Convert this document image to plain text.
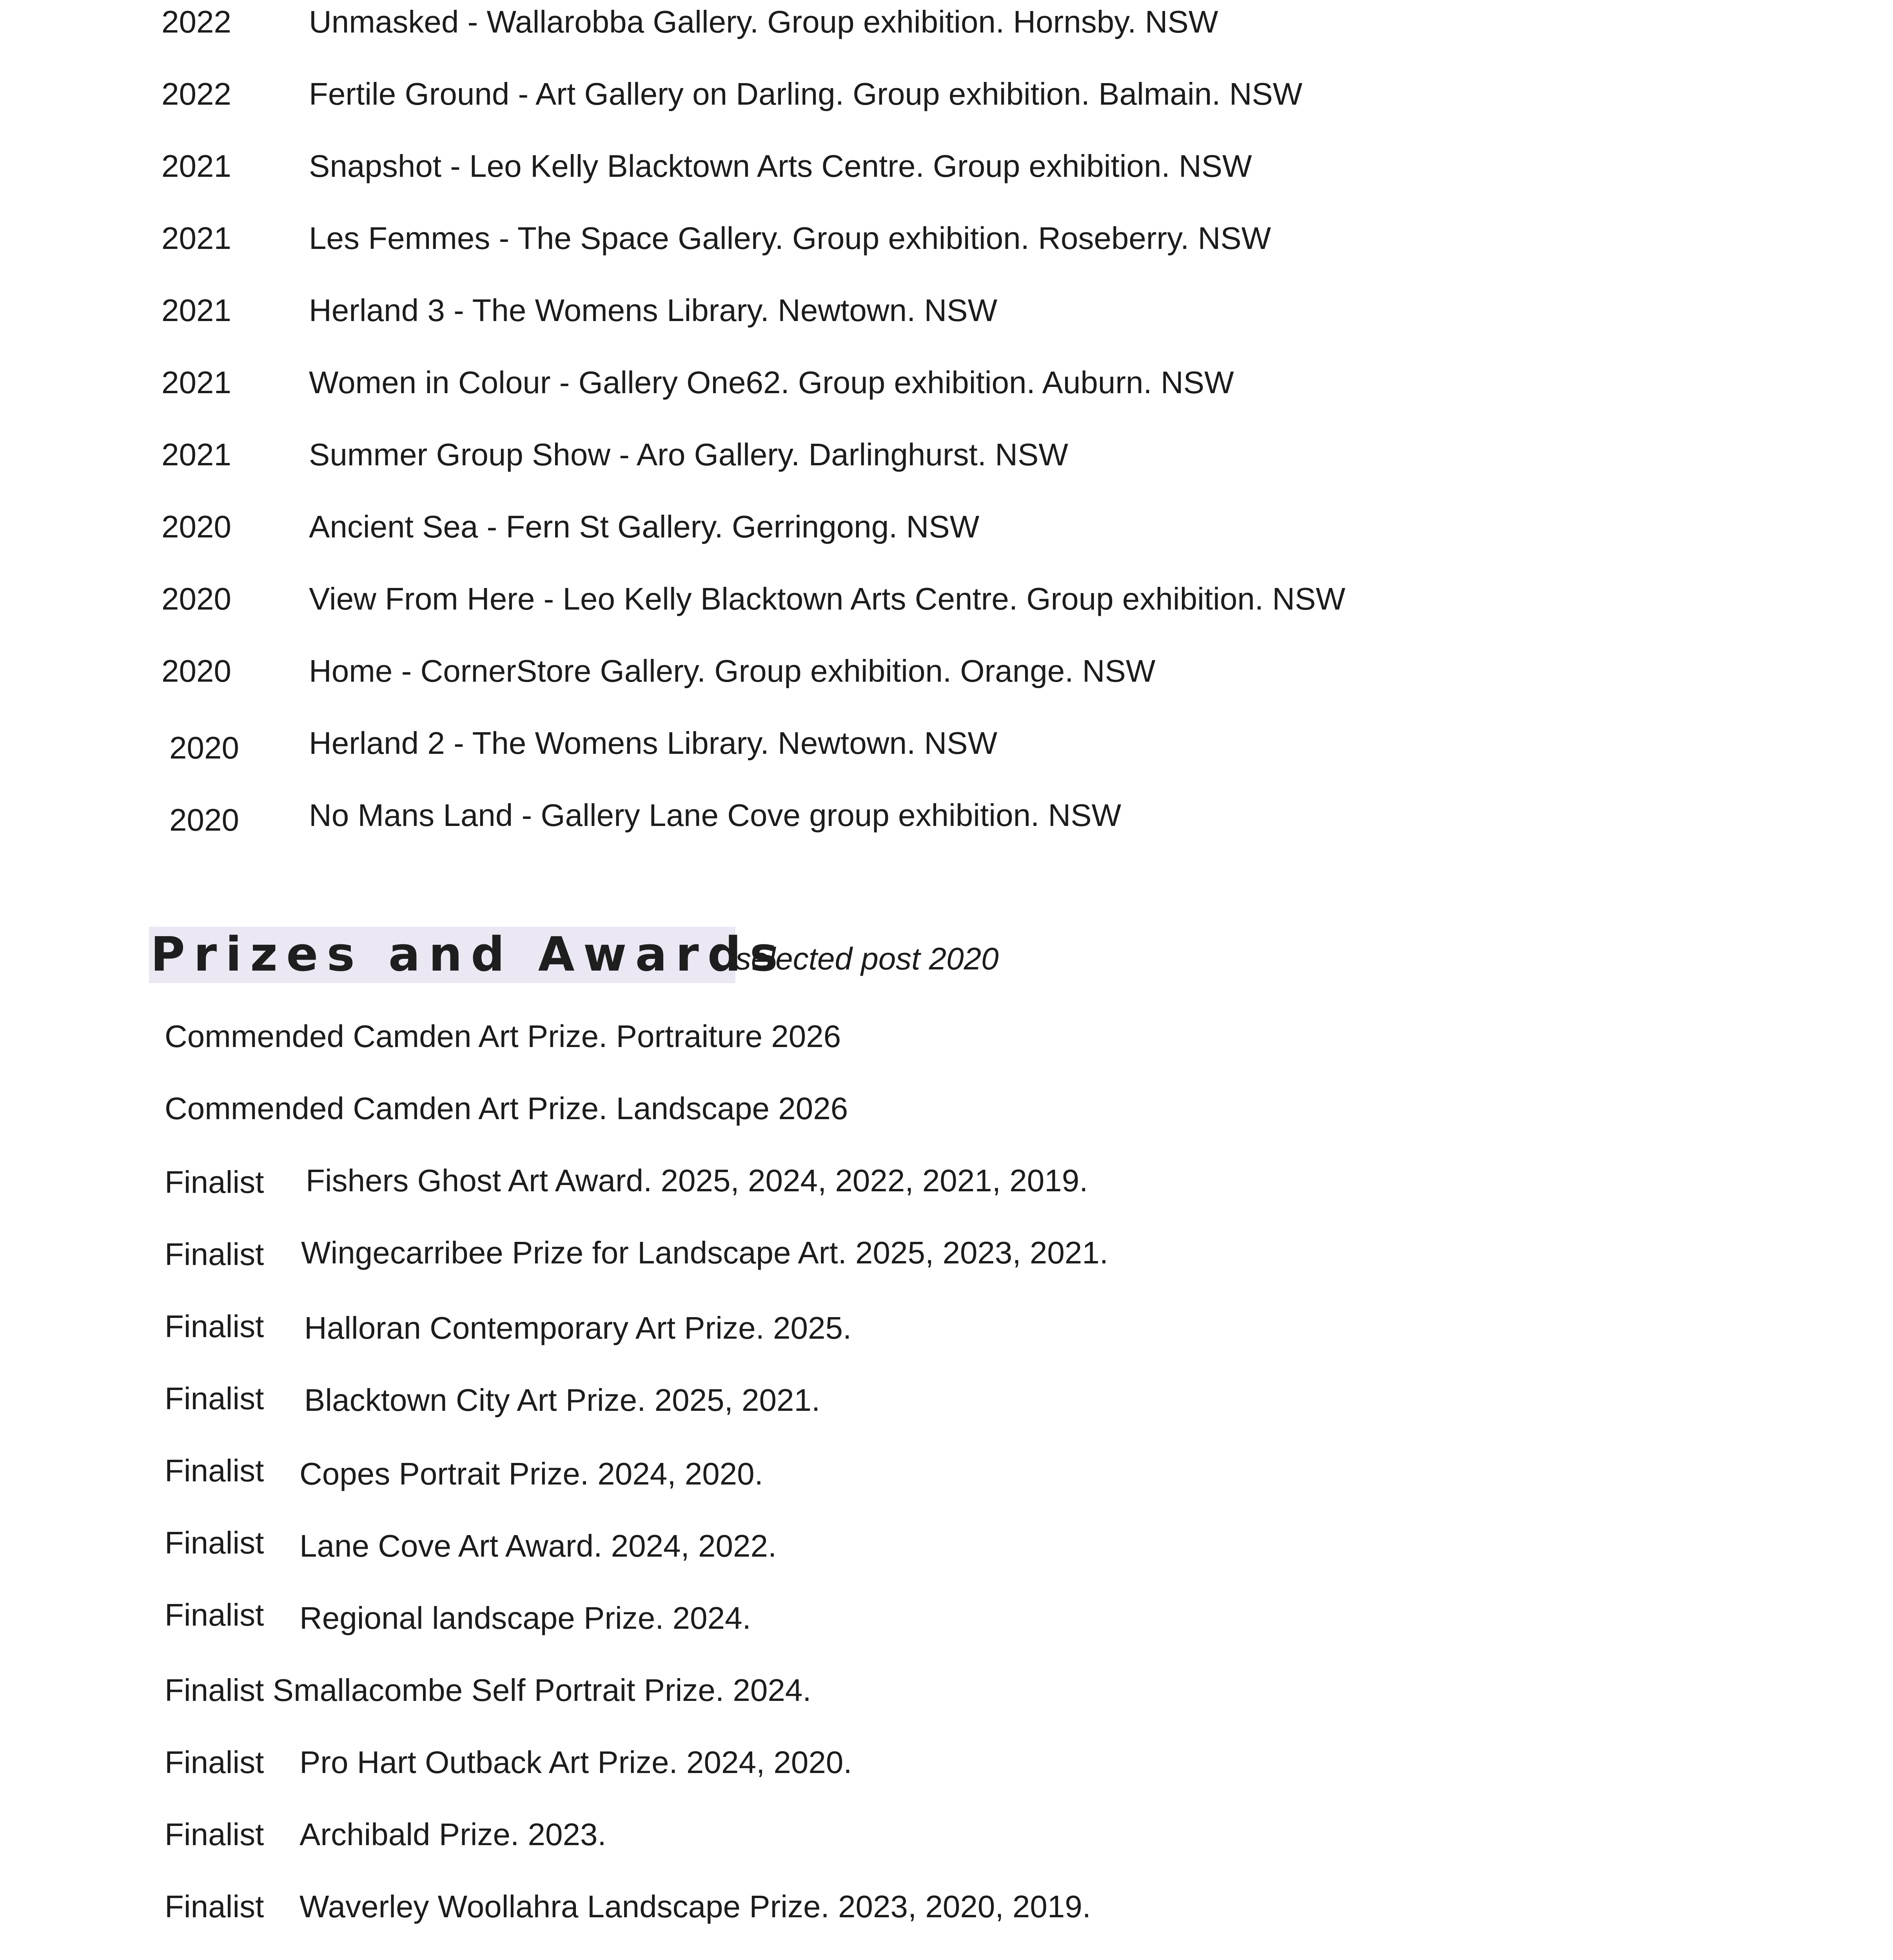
2022 Unmasked - Wallarobba Gallery. Group exhibition. Hornsby. NSW
2022 Fertile Ground - Art Gallery on Darling. Group exhibition. Balmain. NSW
2021 Snapshot - Leo Kelly Blacktown Arts Centre. Group exhibition. NSW
2021 Les Femmes - The Space Gallery. Group exhibition. Roseberry. NSW
2021 Herland 3 - The Womens Library. Newtown. NSW
2021 Women in Colour - Gallery One62. Group exhibition. Auburn. NSW
2021 Summer Group Show - Aro Gallery. Darlinghurst. NSW
2020 Ancient Sea - Fern St Gallery. Gerringong. NSW
2020 View From Here - Leo Kelly Blacktown Arts Centre. Group exhibition. NSW
2020 Home - CornerStore Gallery. Group exhibition. Orange. NSW
2020 Herland 2 - The Womens Library. Newtown. NSW
2020 No Mans Land - Gallery Lane Cove group exhibition. NSW
Prizes and Awards
selected post 2020
Commended Camden Art Prize. Portraiture 2026
Commended Camden Art Prize. Landscape 2026
Finalist Fishers Ghost Art Award. 2025, 2024, 2022, 2021, 2019.
Finalist Wingecarribee Prize for Landscape Art. 2025, 2023, 2021.
Finalist Halloran Contemporary Art Prize. 2025.
Finalist Blacktown City Art Prize. 2025, 2021.
Finalist Copes Portrait Prize. 2024, 2020.
Finalist Lane Cove Art Award. 2024, 2022.
Finalist Regional landscape Prize. 2024.
Finalist Smallacombe Self Portrait Prize. 2024.
Finalist Pro Hart Outback Art Prize. 2024, 2020.
Finalist Archibald Prize. 2023.
Finalist Waverley Woollahra Landscape Prize. 2023, 2020, 2019.
